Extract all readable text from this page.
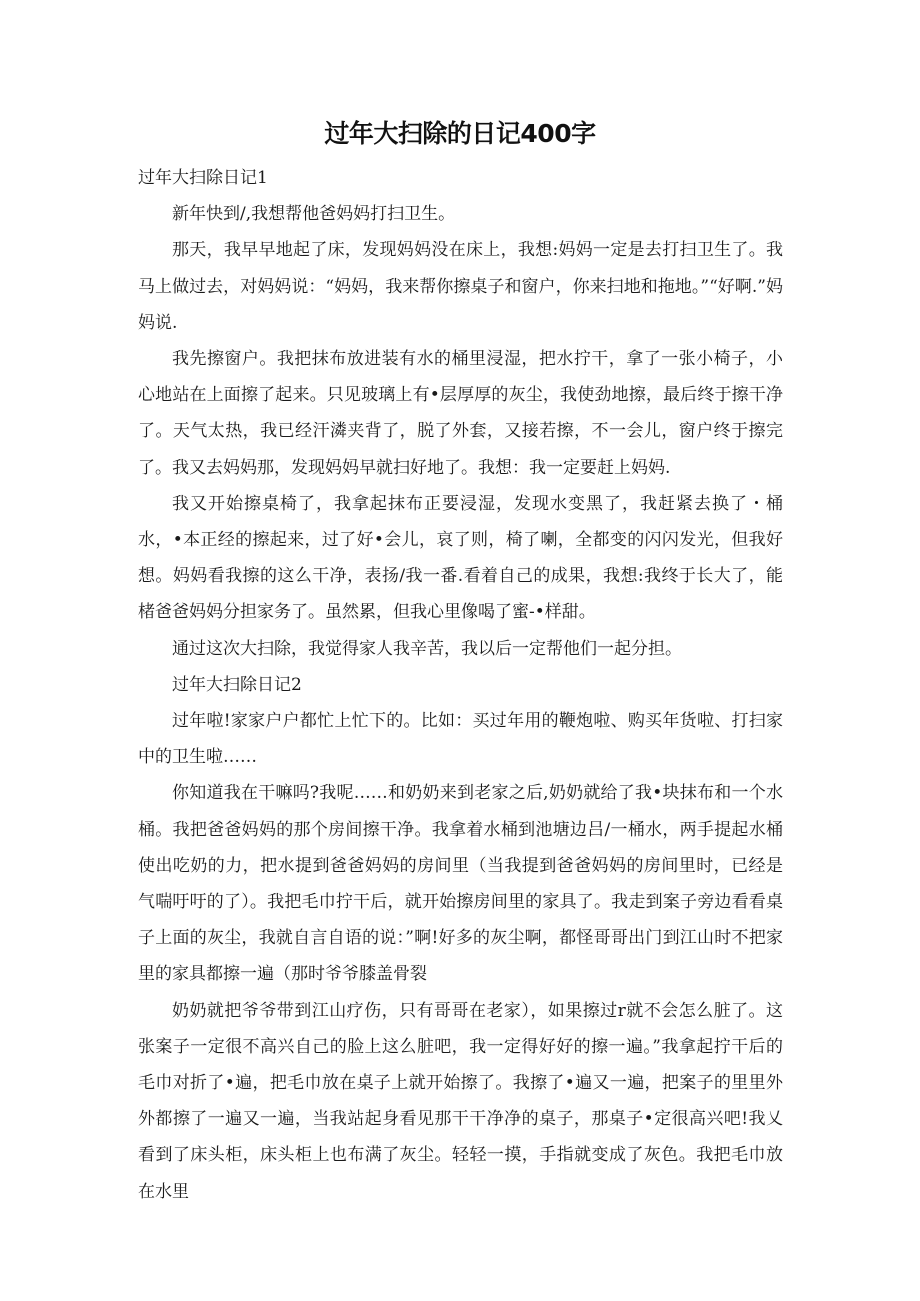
过年大扫除的日记400字

过年大扫除日记1

新年快到/,我想帮他爸妈妈打扫卫生。

那天，我早早地起了床，发现妈妈没在床上，我想:妈妈一定是去打扫卫生了。我马上做过去，对妈妈说：“妈妈，我来帮你擦桌子和窗户，你来扫地和拖地。”“好啊.”妈妈说.

我先擦窗户。我把抹布放进装有水的桶里浸湿，把水拧干，拿了一张小椅子，小心地站在上面擦了起来。只见玻璃上有•层厚厚的灰尘，我使劲地擦，最后终于擦干净了。天气太热，我已经汗潾夹背了，脱了外套，又接若擦，不一会儿，窗户终于擦完了。我又去妈妈那，发现妈妈早就扫好地了。我想：我一定要赶上妈妈.

我又开始擦桌椅了，我拿起抹布正要浸湿，发现水变黑了，我赶紧去换了・桶水，•本正经的擦起来，过了好•会儿，哀了则，椅了喇，全都变的闪闪发光，但我好想。妈妈看我擦的这么干净，表扬/我一番.看着自己的成果，我想:我终于长大了，能楮爸爸妈妈分担家务了。虽然累，但我心里像喝了蜜-•样甜。

通过这次大扫除，我觉得家人我辛苦，我以后一定帮他们一起分担。

过年大扫除日记2

过年啦!家家户户都忙上忙下的。比如：买过年用的鞭炮啦、购买年货啦、打扫家中的卫生啦……

你知道我在干嘛吗?我呢……和奶奶来到老家之后,奶奶就给了我•块抹布和一个水桶。我把爸爸妈妈的那个房间擦干净。我拿着水桶到池塘边吕/一桶水，两手提起水桶使出吃奶的力，把水提到爸爸妈妈的房间里（当我提到爸爸妈妈的房间里时，已经是气喘吁吁的了）。我把毛巾拧干后，就开始擦房间里的家具了。我走到案子旁边看看桌子上面的灰尘，我就自言自语的说：”啊!好多的灰尘啊，都怪哥哥出门到江山时不把家里的家具都擦一遍（那时爷爷膝盖骨裂

奶奶就把爷爷带到江山疗伤，只有哥哥在老家），如果擦过r就不会怎么脏了。这张案子一定很不高兴自己的脸上这么脏吧，我一定得好好的擦一遍。”我拿起拧干后的毛巾对折了•遍，把毛巾放在桌子上就开始擦了。我擦了•遍又一遍，把案子的里里外外都擦了一遍又一遍，当我站起身看见那干干净净的桌子，那桌子•定很高兴吧!我乂看到了床头柜，床头柜上也布满了灰尘。轻轻一摸，手指就变成了灰色。我把毛巾放在水里
